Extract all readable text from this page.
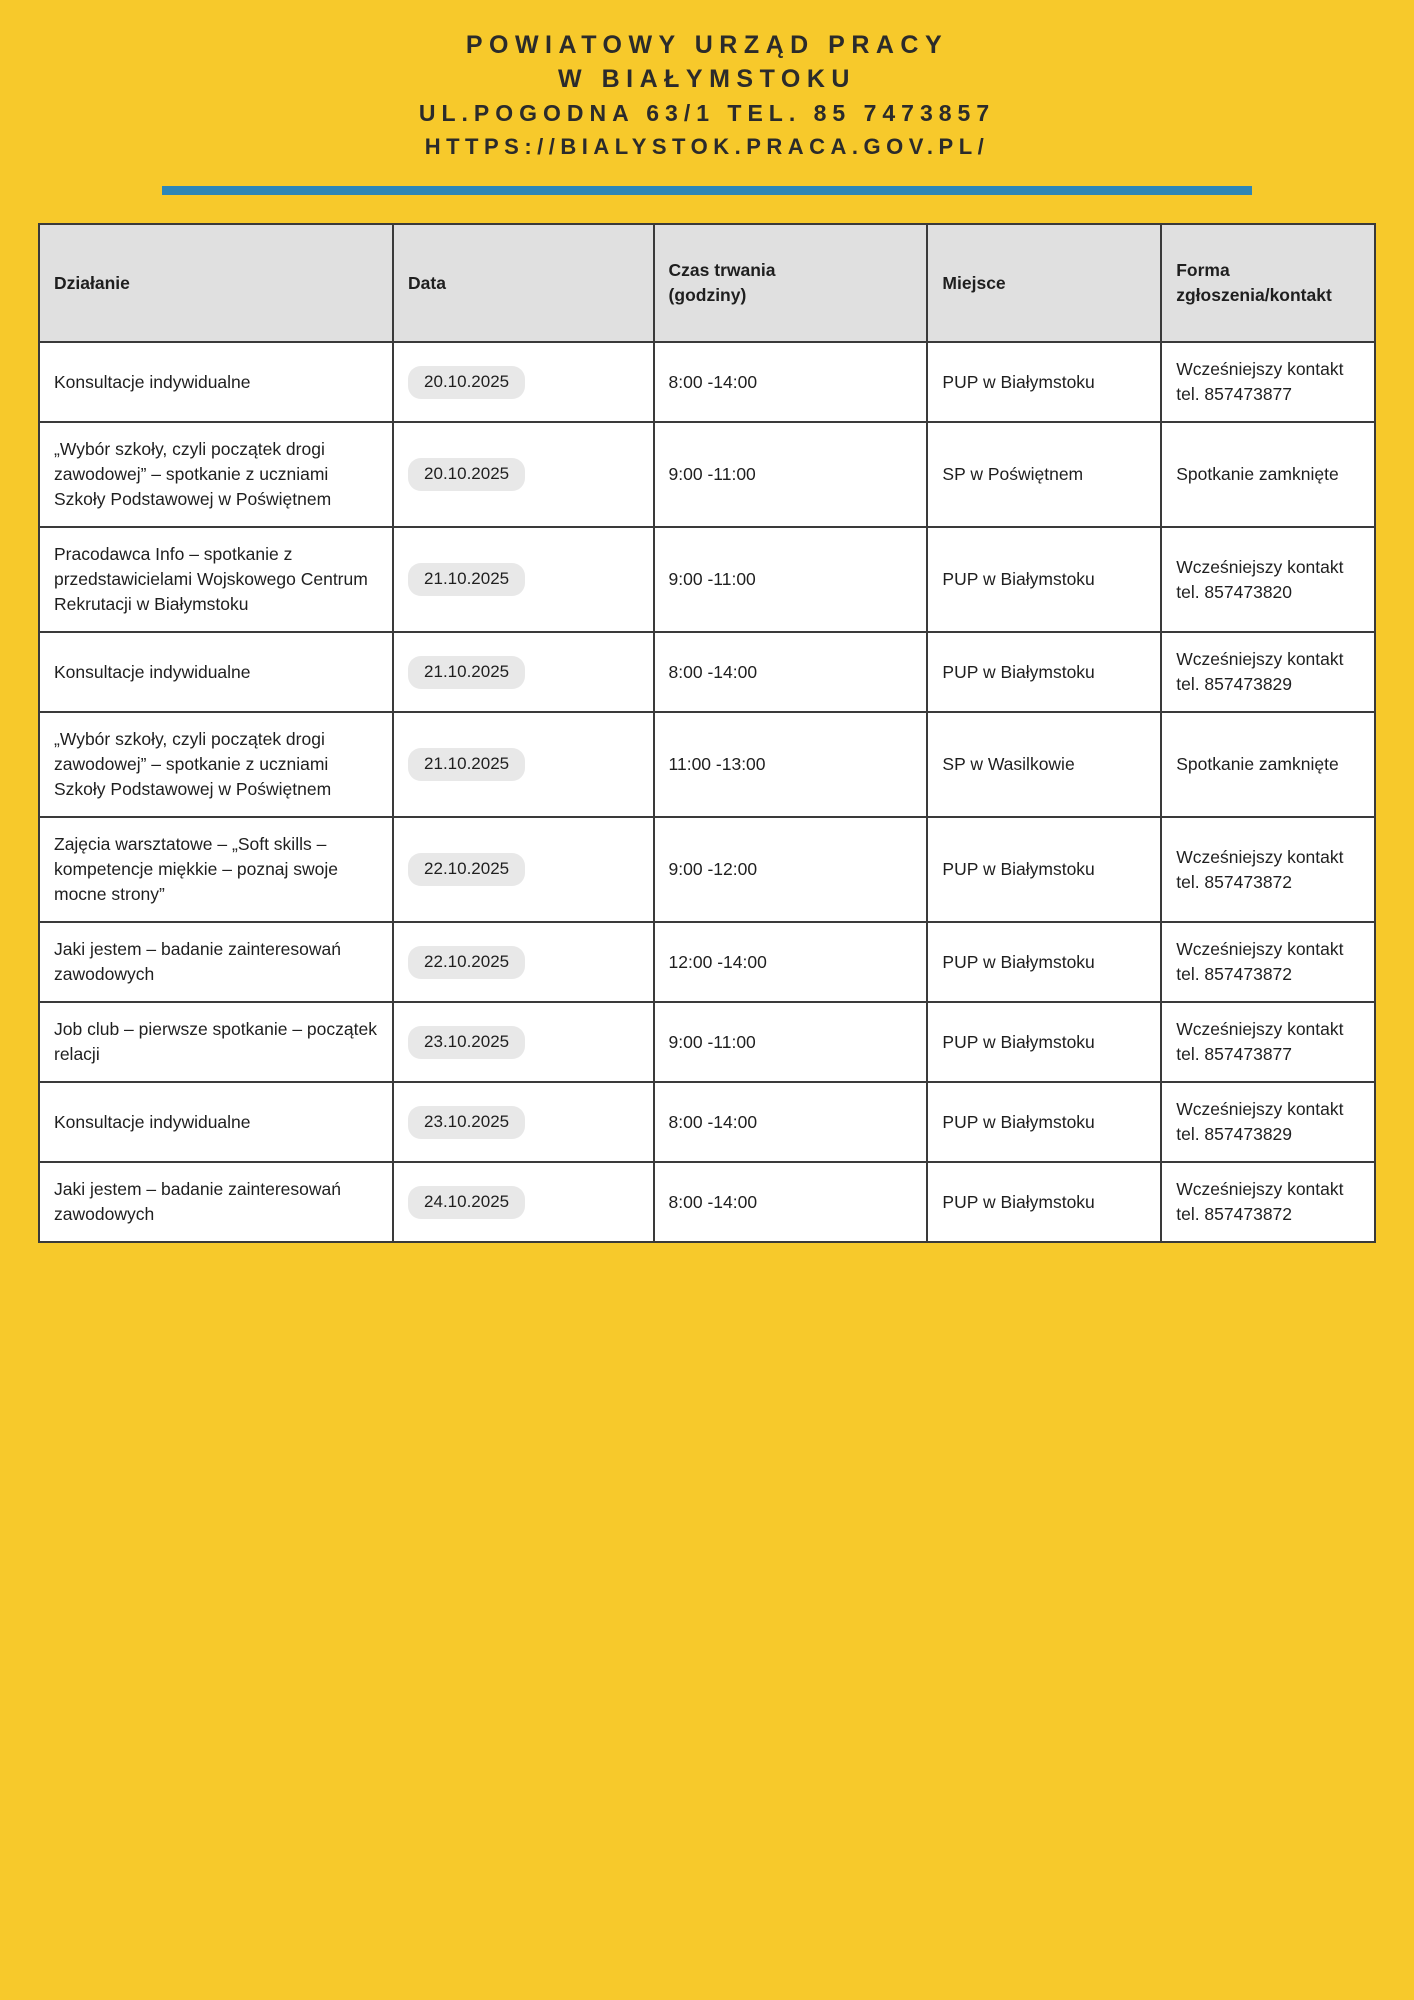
POWIATOWY URZĄD PRACY
W BIAŁYMSTOKU
UL.POGODNA 63/1 TEL. 85 7473857
HTTPS://BIALYSTOK.PRACA.GOV.PL/
Działanie	Data	Czas trwania
(godziny)	Miejsce	Forma
zgłoszenia/kontakt
Konsultacje indywidualne	20.10.2025	8:00 -14:00	PUP w Białymstoku	Wcześniejszy kontakt
tel. 857473877

„Wybór szkoły, czyli początek drogi zawodowej” – spotkanie z uczniami Szkoły Podstawowej w Poświętnem	20.10.2025	9:00 -11:00	SP w Poświętnem	Spotkanie zamknięte

Pracodawca Info – spotkanie z przedstawicielami Wojskowego Centrum Rekrutacji w Białymstoku	21.10.2025	9:00 -11:00	PUP w Białymstoku	Wcześniejszy kontakt
tel. 857473820

Konsultacje indywidualne	21.10.2025	8:00 -14:00	PUP w Białymstoku	Wcześniejszy kontakt
tel. 857473829

„Wybór szkoły, czyli początek drogi zawodowej” – spotkanie z uczniami Szkoły Podstawowej w Poświętnem	21.10.2025	11:00 -13:00	SP w Wasilkowie	Spotkanie zamknięte

Zajęcia warsztatowe – „Soft skills – kompetencje miękkie – poznaj swoje mocne strony”	22.10.2025	9:00 -12:00	PUP w Białymstoku	Wcześniejszy kontakt
tel. 857473872

Jaki jestem – badanie zainteresowań zawodowych	22.10.2025	12:00 -14:00	PUP w Białymstoku	Wcześniejszy kontakt
tel. 857473872

Job club – pierwsze spotkanie – początek relacji	23.10.2025	9:00 -11:00	PUP w Białymstoku	Wcześniejszy kontakt
tel. 857473877

Konsultacje indywidualne	23.10.2025	8:00 -14:00	PUP w Białymstoku	Wcześniejszy kontakt
tel. 857473829

Jaki jestem – badanie zainteresowań zawodowych	24.10.2025	8:00 -14:00	PUP w Białymstoku	Wcześniejszy kontakt
tel. 857473872
